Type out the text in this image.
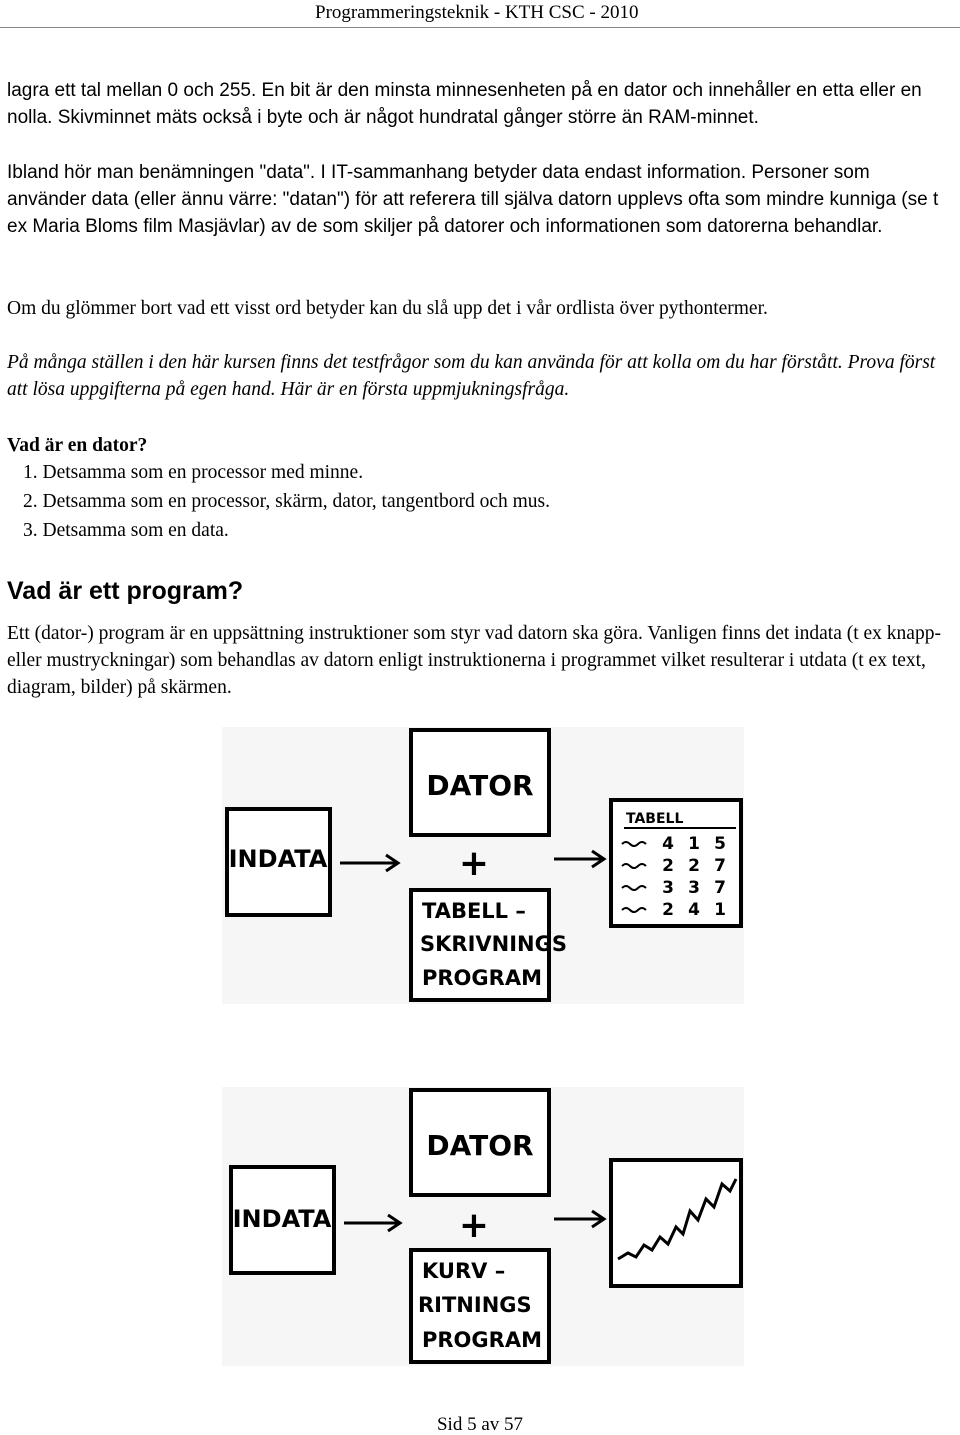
Programmeringsteknik - KTH CSC - 2010
lagra ett tal mellan 0 och 255. En bit är den minsta minnesenheten på en dator och innehåller en etta eller en nolla. Skivminnet mäts också i byte och är något hundratal gånger större än RAM-minnet.
Ibland hör man benämningen "data". I IT-sammanhang betyder data endast information. Personer som använder data (eller ännu värre: "datan") för att referera till själva datorn upplevs ofta som mindre kunniga (se t ex Maria Bloms film Masjävlar) av de som skiljer på datorer och informationen som datorerna behandlar.
Om du glömmer bort vad ett visst ord betyder kan du slå upp det i vår ordlista över pythontermer.
På många ställen i den här kursen finns det testfrågor som du kan använda för att kolla om du har förstått. Prova först att lösa uppgifterna på egen hand. Här är en första uppmjukningsfråga.
Vad är en dator?
1. Detsamma som en processor med minne.
2. Detsamma som en processor, skärm, dator, tangentbord och mus.
3. Detsamma som en data.
Vad är ett program?
Ett (dator-) program är en uppsättning instruktioner som styr vad datorn ska göra. Vanligen finns det indata (t ex knapp- eller mustryckningar) som behandlas av datorn enligt instruktionerna i programmet vilket resulterar i utdata (t ex text, diagram, bilder) på skärmen.
INDATA
DATOR
+
TABELL –
SKRIVNINGS
PROGRAM
TABELL
4 1 5
2 2 7
3 3 7
2 4 1
INDATA
DATOR
+
KURV –
RITNINGS
PROGRAM
Sid 5 av 57
